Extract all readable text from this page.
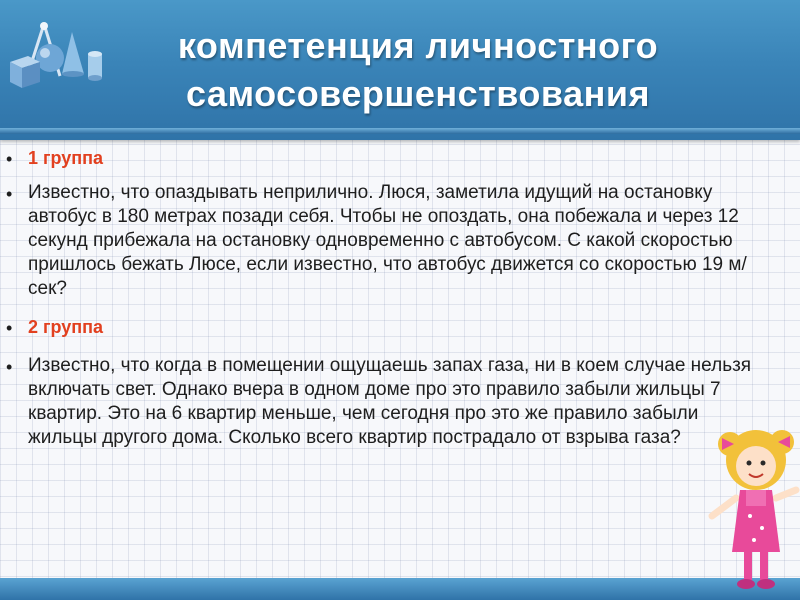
компетенция личностного
самосовершенствования
• 1 группа
• Известно, что опаздывать неприлично. Люся, заметила идущий на остановку автобус в 180 метрах позади себя. Чтобы не опоздать, она побежала и через 12 секунд прибежала на остановку одновременно с автобусом. С какой скоростью пришлось бежать Люсе, если известно, что автобус движется со скоростью 19 м/сек?
• 2 группа
• Известно, что когда в помещении ощущаешь запах газа, ни в коем случае нельзя включать свет. Однако вчера в одном доме про это правило забыли жильцы 7 квартир. Это на 6 квартир меньше, чем сегодня про это же правило забыли жильцы другого дома. Сколько всего квартир пострадало от взрыва газа?
